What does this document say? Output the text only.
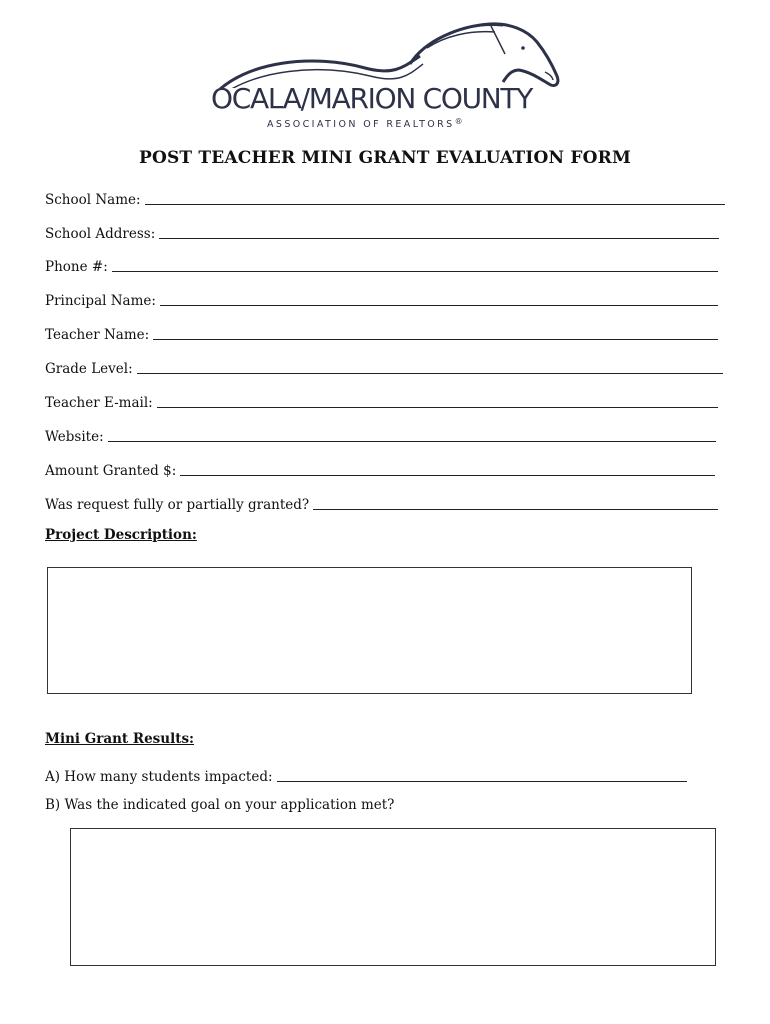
OCALA/MARION COUNTY
ASSOCIATION OF REALTORS®
POST TEACHER MINI GRANT EVALUATION FORM
School Name:
School Address:
Phone #:
Principal Name:
Teacher Name:
Grade Level:
Teacher E-mail:
Website:
Amount Granted $:
Was request fully or partially granted?
Project Description:
Mini Grant Results:
A) How many students impacted:
B) Was the indicated goal on your application met?
